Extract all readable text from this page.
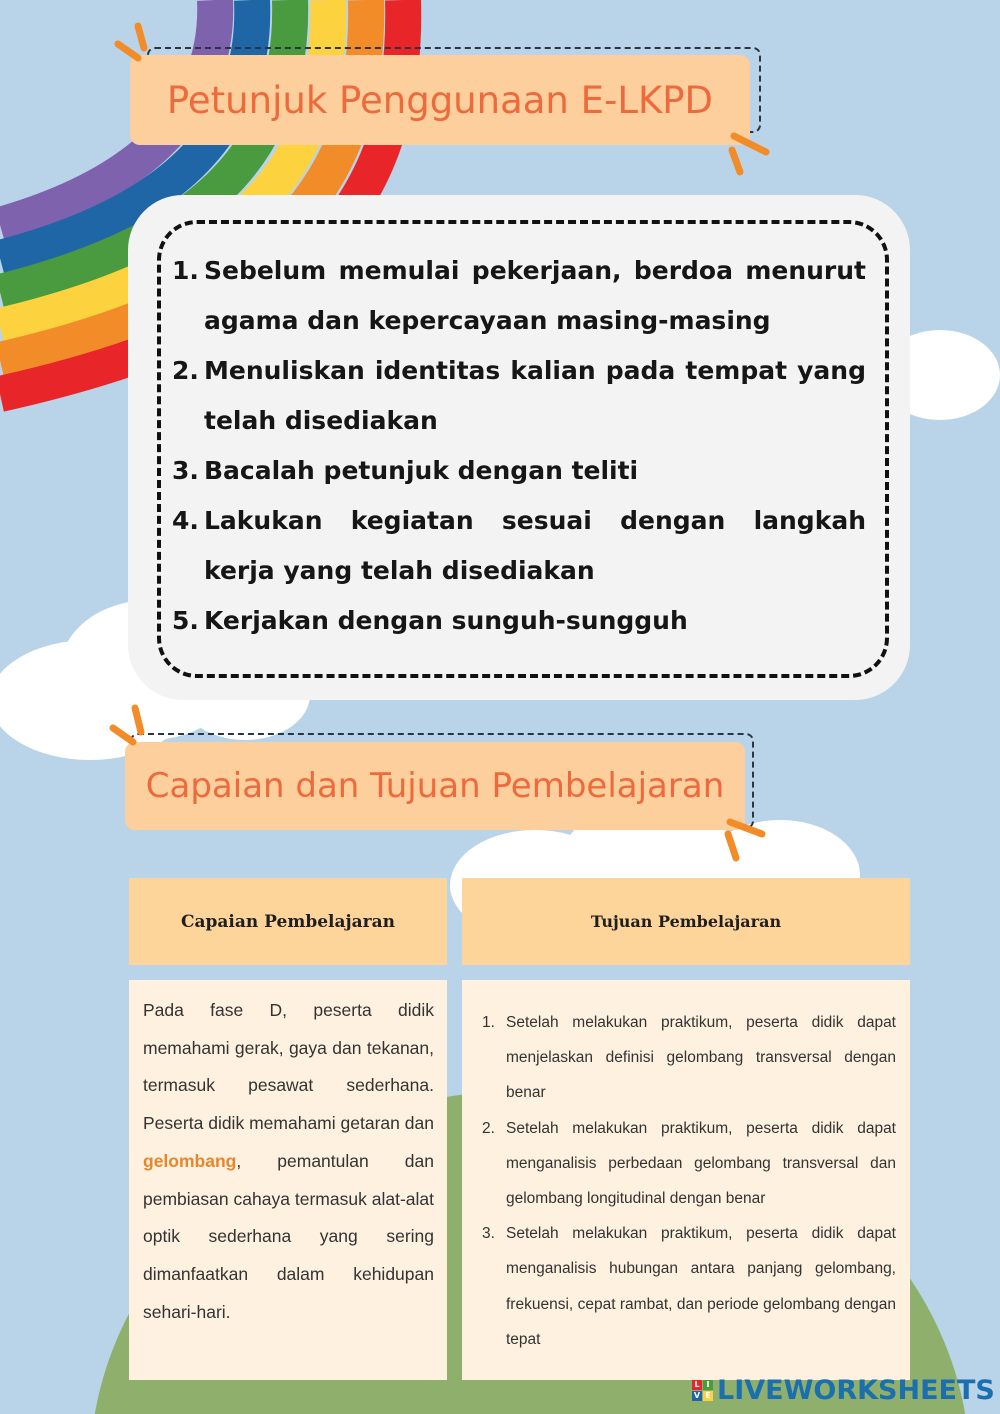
Petunjuk Penggunaan E-LKPD
1. Sebelum memulai pekerjaan, berdoa menurut agama dan kepercayaan masing-masing
2. Menuliskan identitas kalian pada tempat yang telah disediakan
3. Bacalah petunjuk dengan teliti
4. Lakukan kegiatan sesuai dengan langkah kerja yang telah disediakan
5. Kerjakan dengan sunguh-sungguh
Capaian dan Tujuan Pembelajaran
Capaian Pembelajaran	Tujuan Pembelajaran

Pada fase D, peserta didik memahami gerak, gaya dan tekanan, termasuk pesawat sederhana. Peserta didik memahami getaran dan gelombang, pemantulan dan pembiasan cahaya termasuk alat-alat optik sederhana yang sering dimanfaatkan dalam kehidupan sehari-hari.

1. Setelah melakukan praktikum, peserta didik dapat menjelaskan definisi gelombang transversal dengan benar
2. Setelah melakukan praktikum, peserta didik dapat menganalisis perbedaan gelombang transversal dan gelombang longitudinal dengan benar
3. Setelah melakukan praktikum, peserta didik dapat menganalisis hubungan antara panjang gelombang, frekuensi, cepat rambat, dan periode gelombang dengan tepat
L I
V E LIVEWORKSHEETS
